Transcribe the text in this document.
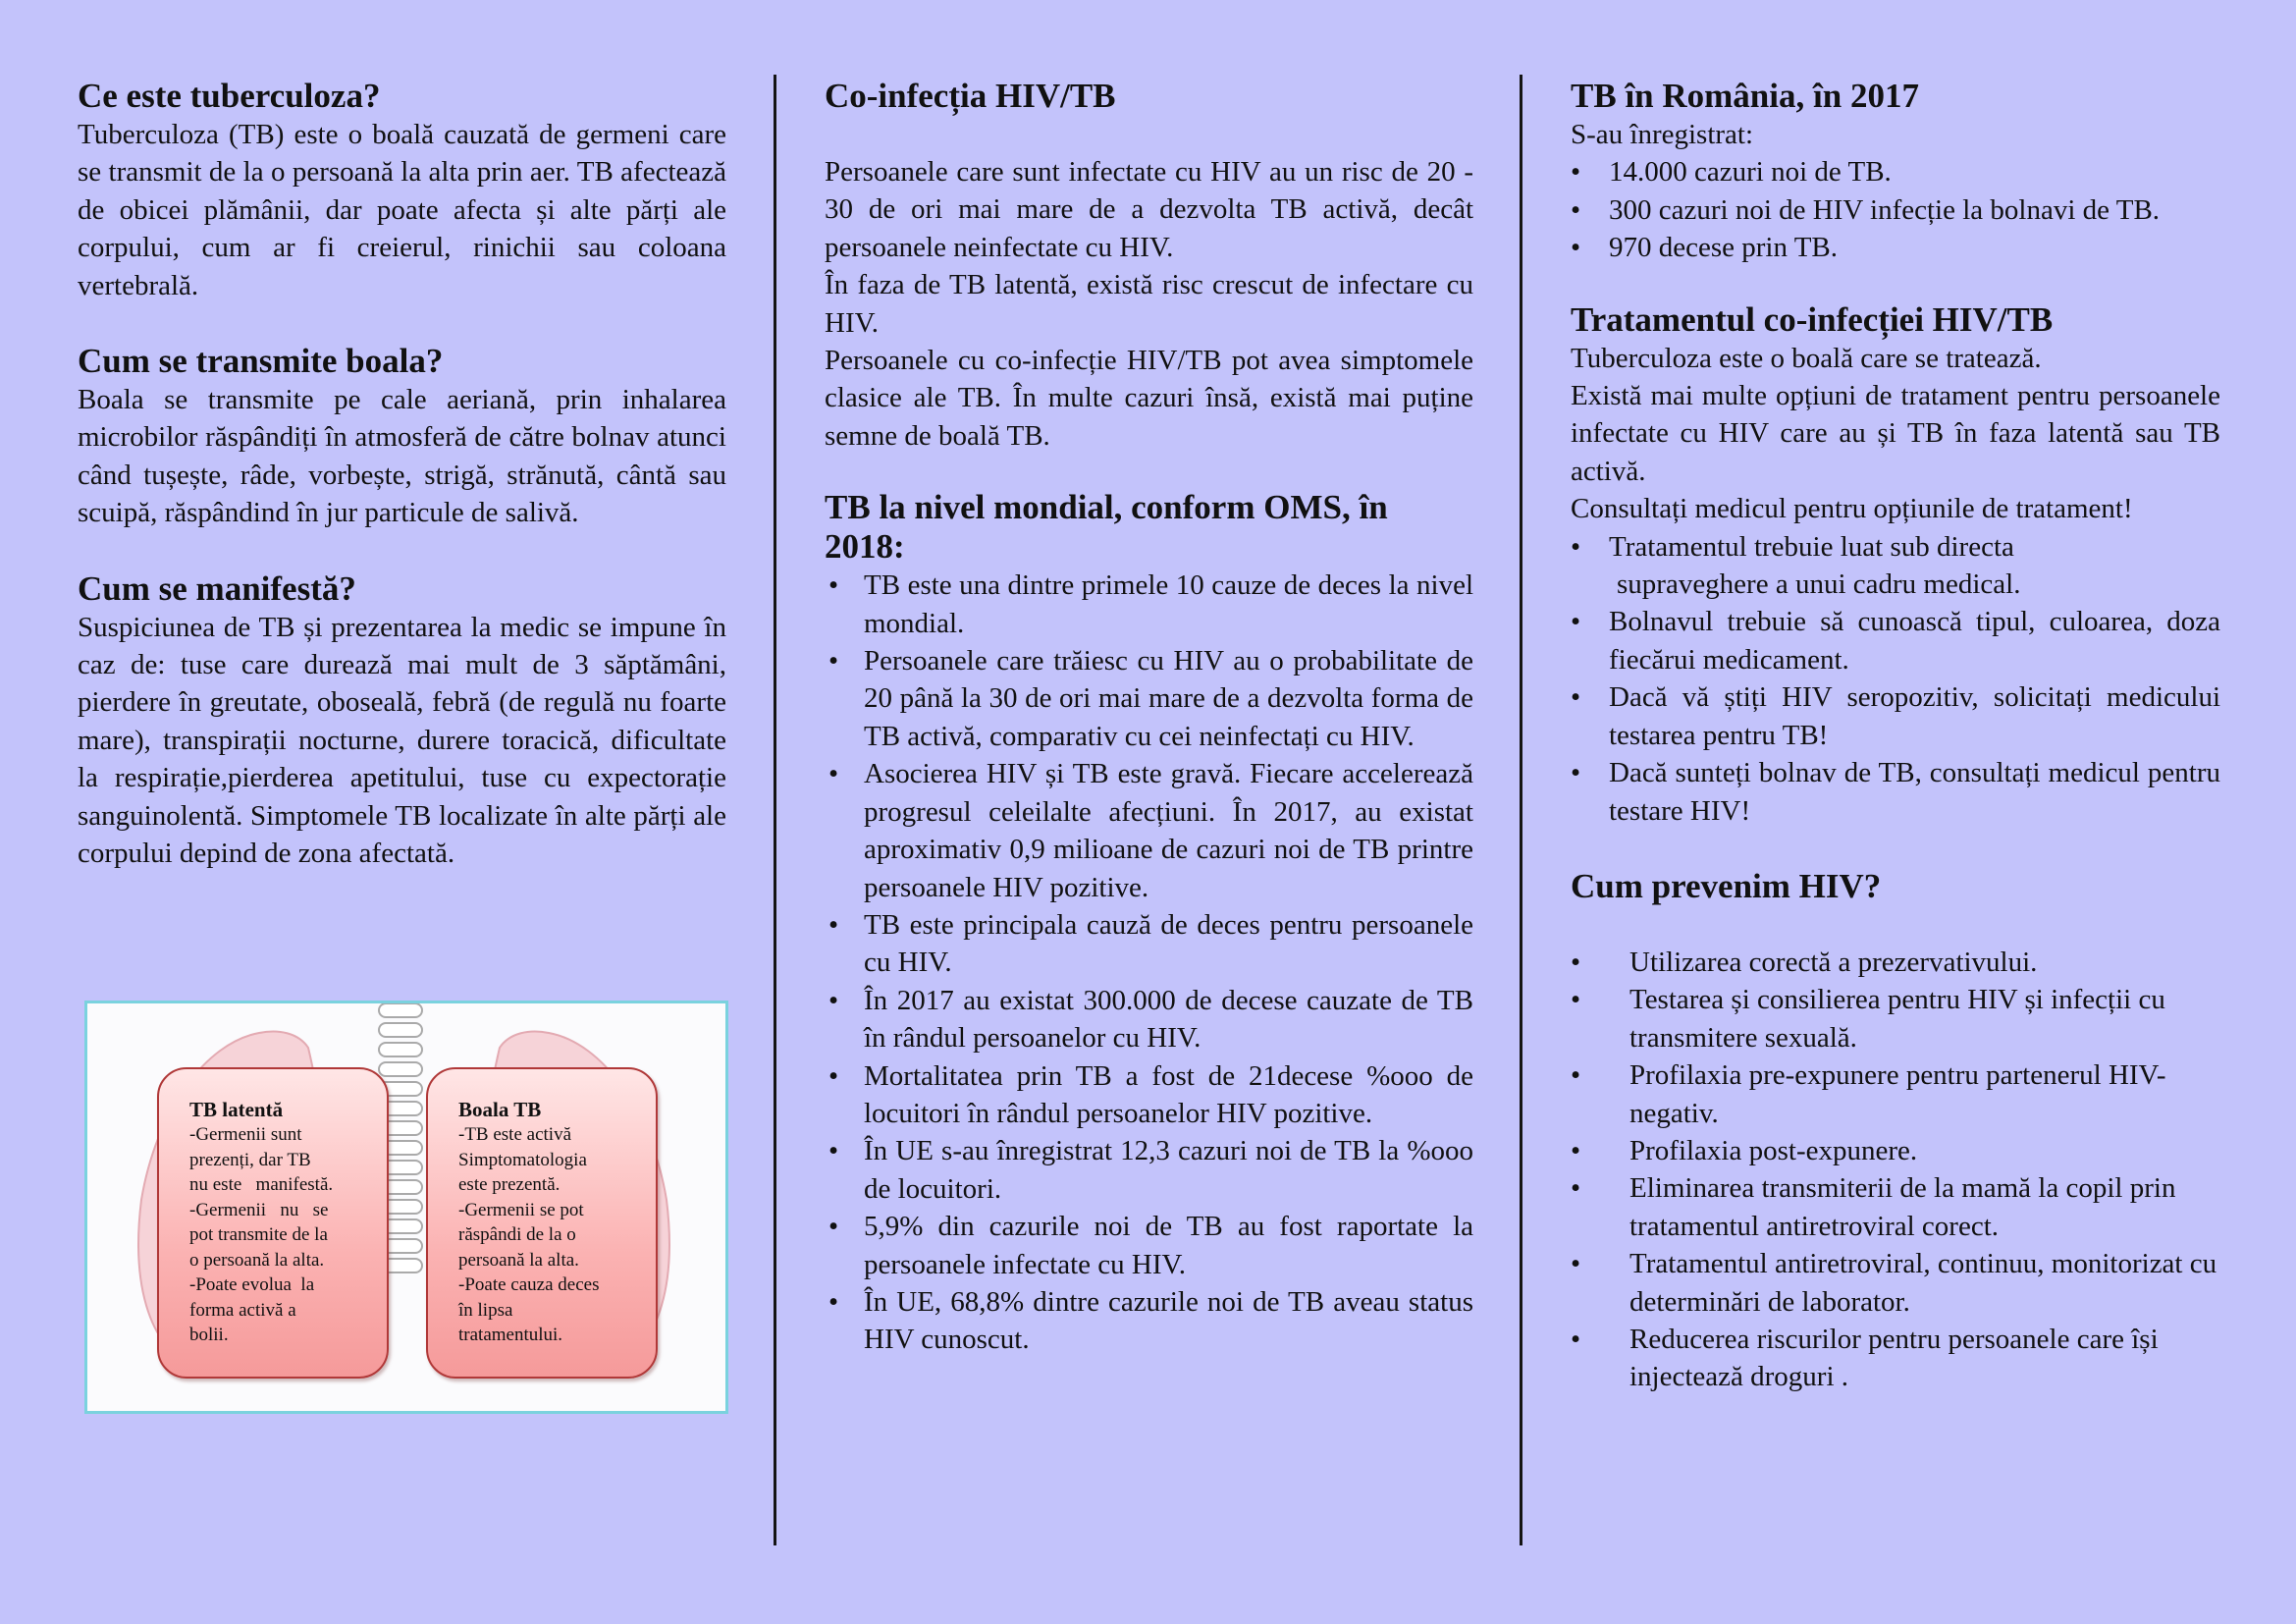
Ce este tuberculoza?

Tuberculoza (TB) este o boală cauzată de germeni care se transmit de la o persoană la alta prin aer. TB afectează de obicei plămânii, dar poate afecta și alte părți ale corpului, cum ar fi creierul, rinichii sau coloana vertebrală.

Cum se transmite boala?

Boala se transmite pe cale aeriană, prin inhalarea microbilor răspândiți în atmosferă de către bolnav atunci când tușește, râde, vorbește, strigă, strănută, cântă sau scuipă, răspândind în jur particule de salivă.

Cum se manifestă?

Suspiciunea de TB și prezentarea la medic se impune în caz de: tuse care durează mai mult de 3 săptămâni, pierdere în greutate, oboseală, febră (de regulă nu foarte mare), transpirații nocturne, durere toracică, dificultate la respirație,pierderea apetitului, tuse cu expectorație sanguinolentă. Simptomele TB localizate în alte părți ale corpului depind de zona afectată.

TB latentă
-Germenii sunt
prezenți, dar TB
nu este   manifestă.
-Germenii   nu   se
pot transmite de la
o persoană la alta.
-Poate evolua  la
forma activă a
bolii.
Boala TB
-TB este activă
Simptomatologia
este prezentă.
-Germenii se pot
răspândi de la o
persoană la alta.
-Poate cauza deces
în lipsa
tratamentului.
Co-infecția HIV/TB

Persoanele care sunt infectate cu HIV au un risc de 20 - 30 de ori mai mare de a dezvolta TB activă, decât persoanele neinfectate cu HIV.

În faza de TB latentă, există risc crescut de infectare cu HIV.

Persoanele cu co-infecție HIV/TB pot avea simptomele clasice ale TB. În multe cazuri însă, există mai puține semne de boală TB.

TB la nivel mondial, conform OMS, în 2018:
• TB este una dintre primele 10 cauze de deces la nivel mondial.
• Persoanele care trăiesc cu HIV au o probabilitate de 20 până la 30 de ori mai mare de a dezvolta forma de TB activă, comparativ cu cei neinfectați cu HIV.
• Asocierea HIV și TB este gravă. Fiecare accelerează progresul celeilalte afecțiuni. În 2017, au existat aproximativ 0,9 milioane de cazuri noi de TB printre persoanele HIV pozitive.
• TB este principala cauză de deces pentru persoanele cu HIV.
• În 2017 au existat 300.000 de decese cauzate de TB în rândul persoanelor cu HIV.
• Mortalitatea prin TB a fost de 21decese %ooo de locuitori în rândul persoanelor HIV pozitive.
• În UE s-au înregistrat 12,3 cazuri noi de TB la %ooo de locuitori.
• 5,9% din cazurile noi de TB au fost raportate la persoanele infectate cu HIV.
• În UE, 68,8% dintre cazurile noi de TB aveau status HIV cunoscut.
TB în România, în 2017

S-au înregistrat:

• 14.000 cazuri noi de TB.
• 300 cazuri noi de HIV infecție la bolnavi de TB.
• 970 decese prin TB.
Tratamentul co-infecției HIV/TB

Tuberculoza este o boală care se tratează.

Există mai multe opțiuni de tratament pentru persoanele infectate cu HIV care au și TB în faza latentă sau TB activă.

Consultați medicul pentru opțiunile de tratament!

• Tratamentul trebuie luat sub directa
supraveghere a unui cadru medical.
• Bolnavul trebuie să cunoască tipul, culoarea, doza fiecărui medicament.
• Dacă vă știți HIV seropozitiv, solicitați medicului testarea pentru TB!
• Dacă sunteți bolnav de TB, consultați medicul pentru testare HIV!
Cum prevenim HIV?
• Utilizarea corectă a prezervativului.
• Testarea și consilierea pentru HIV și infecții cu transmitere sexuală.
• Profilaxia pre-expunere pentru partenerul HIV-negativ.
• Profilaxia post-expunere.
• Eliminarea transmiterii de la mamă la copil prin tratamentul antiretroviral corect.
• Tratamentul antiretroviral, continuu, monitorizat cu determinări de laborator.
• Reducerea riscurilor pentru persoanele care își injectează droguri .
